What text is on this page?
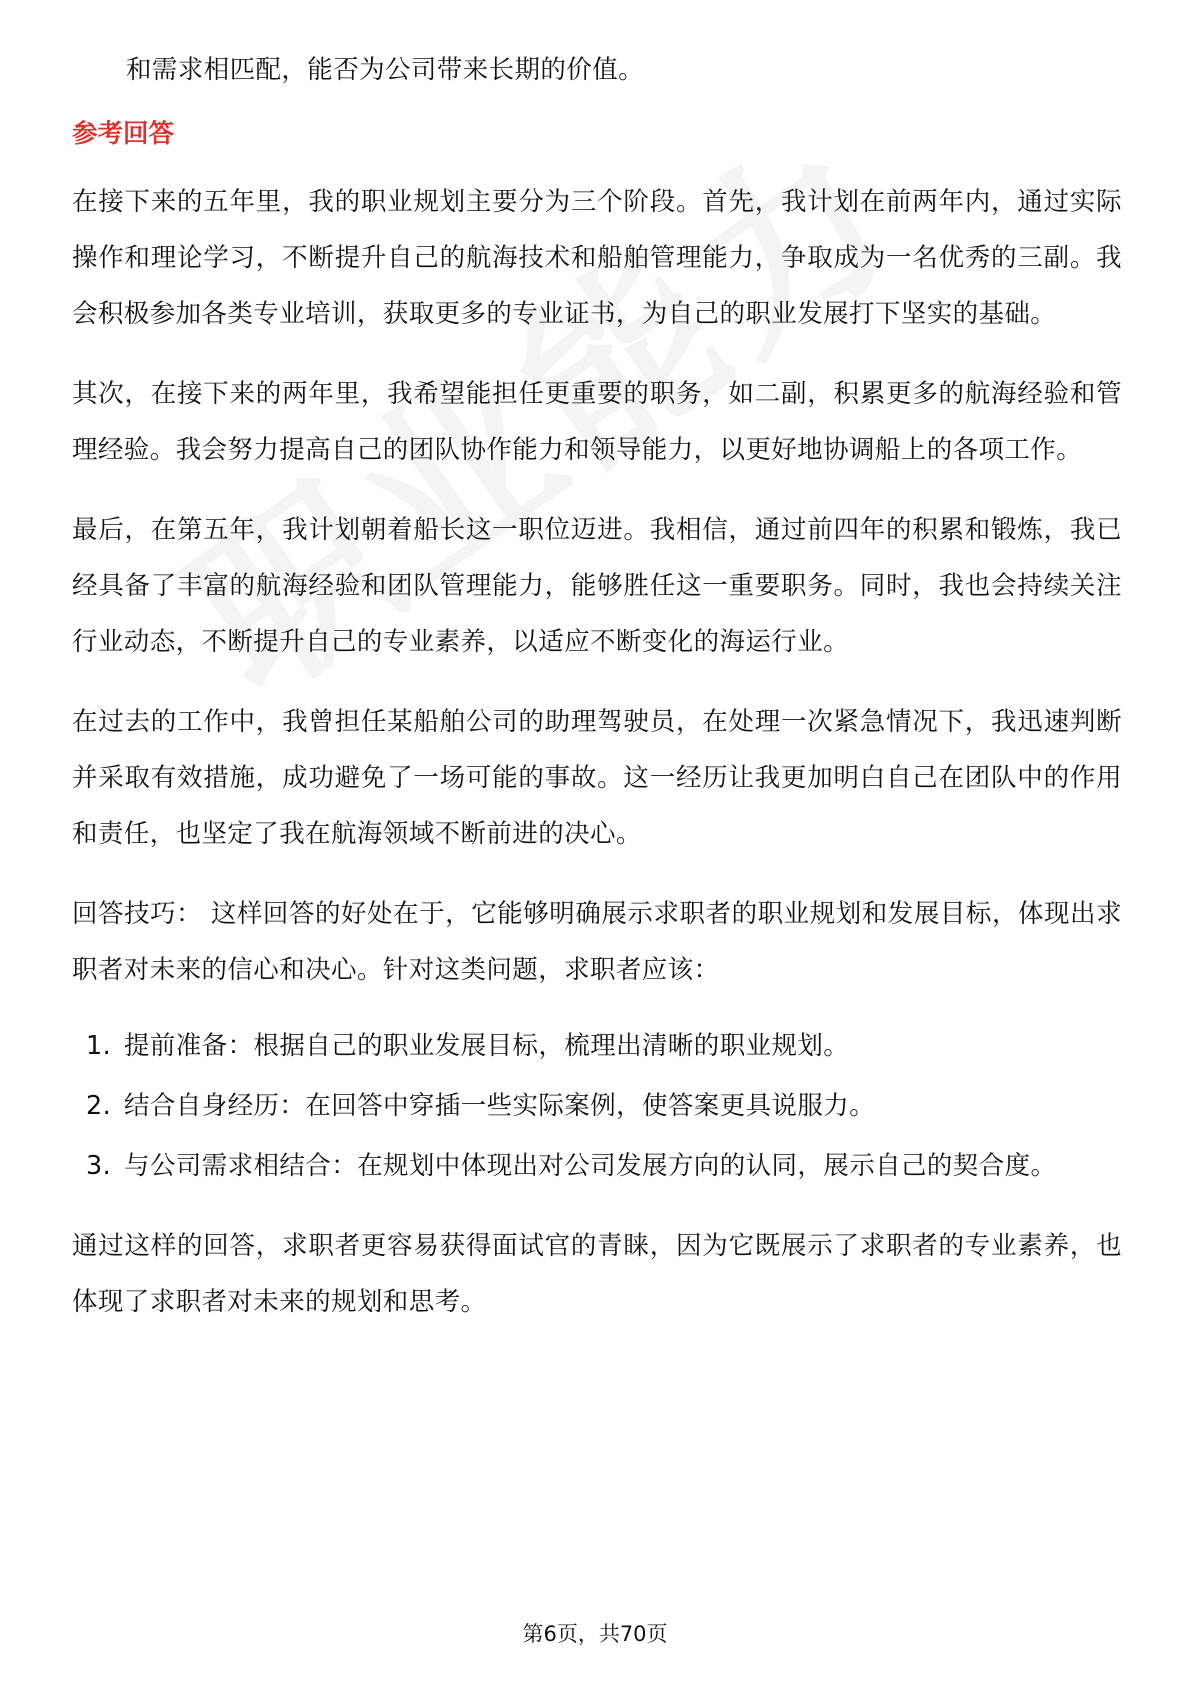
和需求相匹配，能否为公司带来长期的价值。

参考回答

在接下来的五年里，我的职业规划主要分为三个阶段。首先，我计划在前两年内，通过实际操作和理论学习，不断提升自己的航海技术和船舶管理能力，争取成为一名优秀的三副。我会积极参加各类专业培训，获取更多的专业证书，为自己的职业发展打下坚实的基础。

其次，在接下来的两年里，我希望能担任更重要的职务，如二副，积累更多的航海经验和管理经验。我会努力提高自己的团队协作能力和领导能力，以更好地协调船上的各项工作。

最后，在第五年，我计划朝着船长这一职位迈进。我相信，通过前四年的积累和锻炼，我已经具备了丰富的航海经验和团队管理能力，能够胜任这一重要职务。同时，我也会持续关注行业动态，不断提升自己的专业素养，以适应不断变化的海运行业。

在过去的工作中，我曾担任某船舶公司的助理驾驶员，在处理一次紧急情况下，我迅速判断并采取有效措施，成功避免了一场可能的事故。这一经历让我更加明白自己在团队中的作用和责任，也坚定了我在航海领域不断前进的决心。

回答技巧： 这样回答的好处在于，它能够明确展示求职者的职业规划和发展目标，体现出求职者对未来的信心和决心。针对这类问题，求职者应该：

1. 提前准备：根据自己的职业发展目标，梳理出清晰的职业规划。
2. 结合自身经历：在回答中穿插一些实际案例，使答案更具说服力。
3. 与公司需求相结合：在规划中体现出对公司发展方向的认同，展示自己的契合度。

通过这样的回答，求职者更容易获得面试官的青睐，因为它既展示了求职者的专业素养，也体现了求职者对未来的规划和思考。

第6页，共70页
